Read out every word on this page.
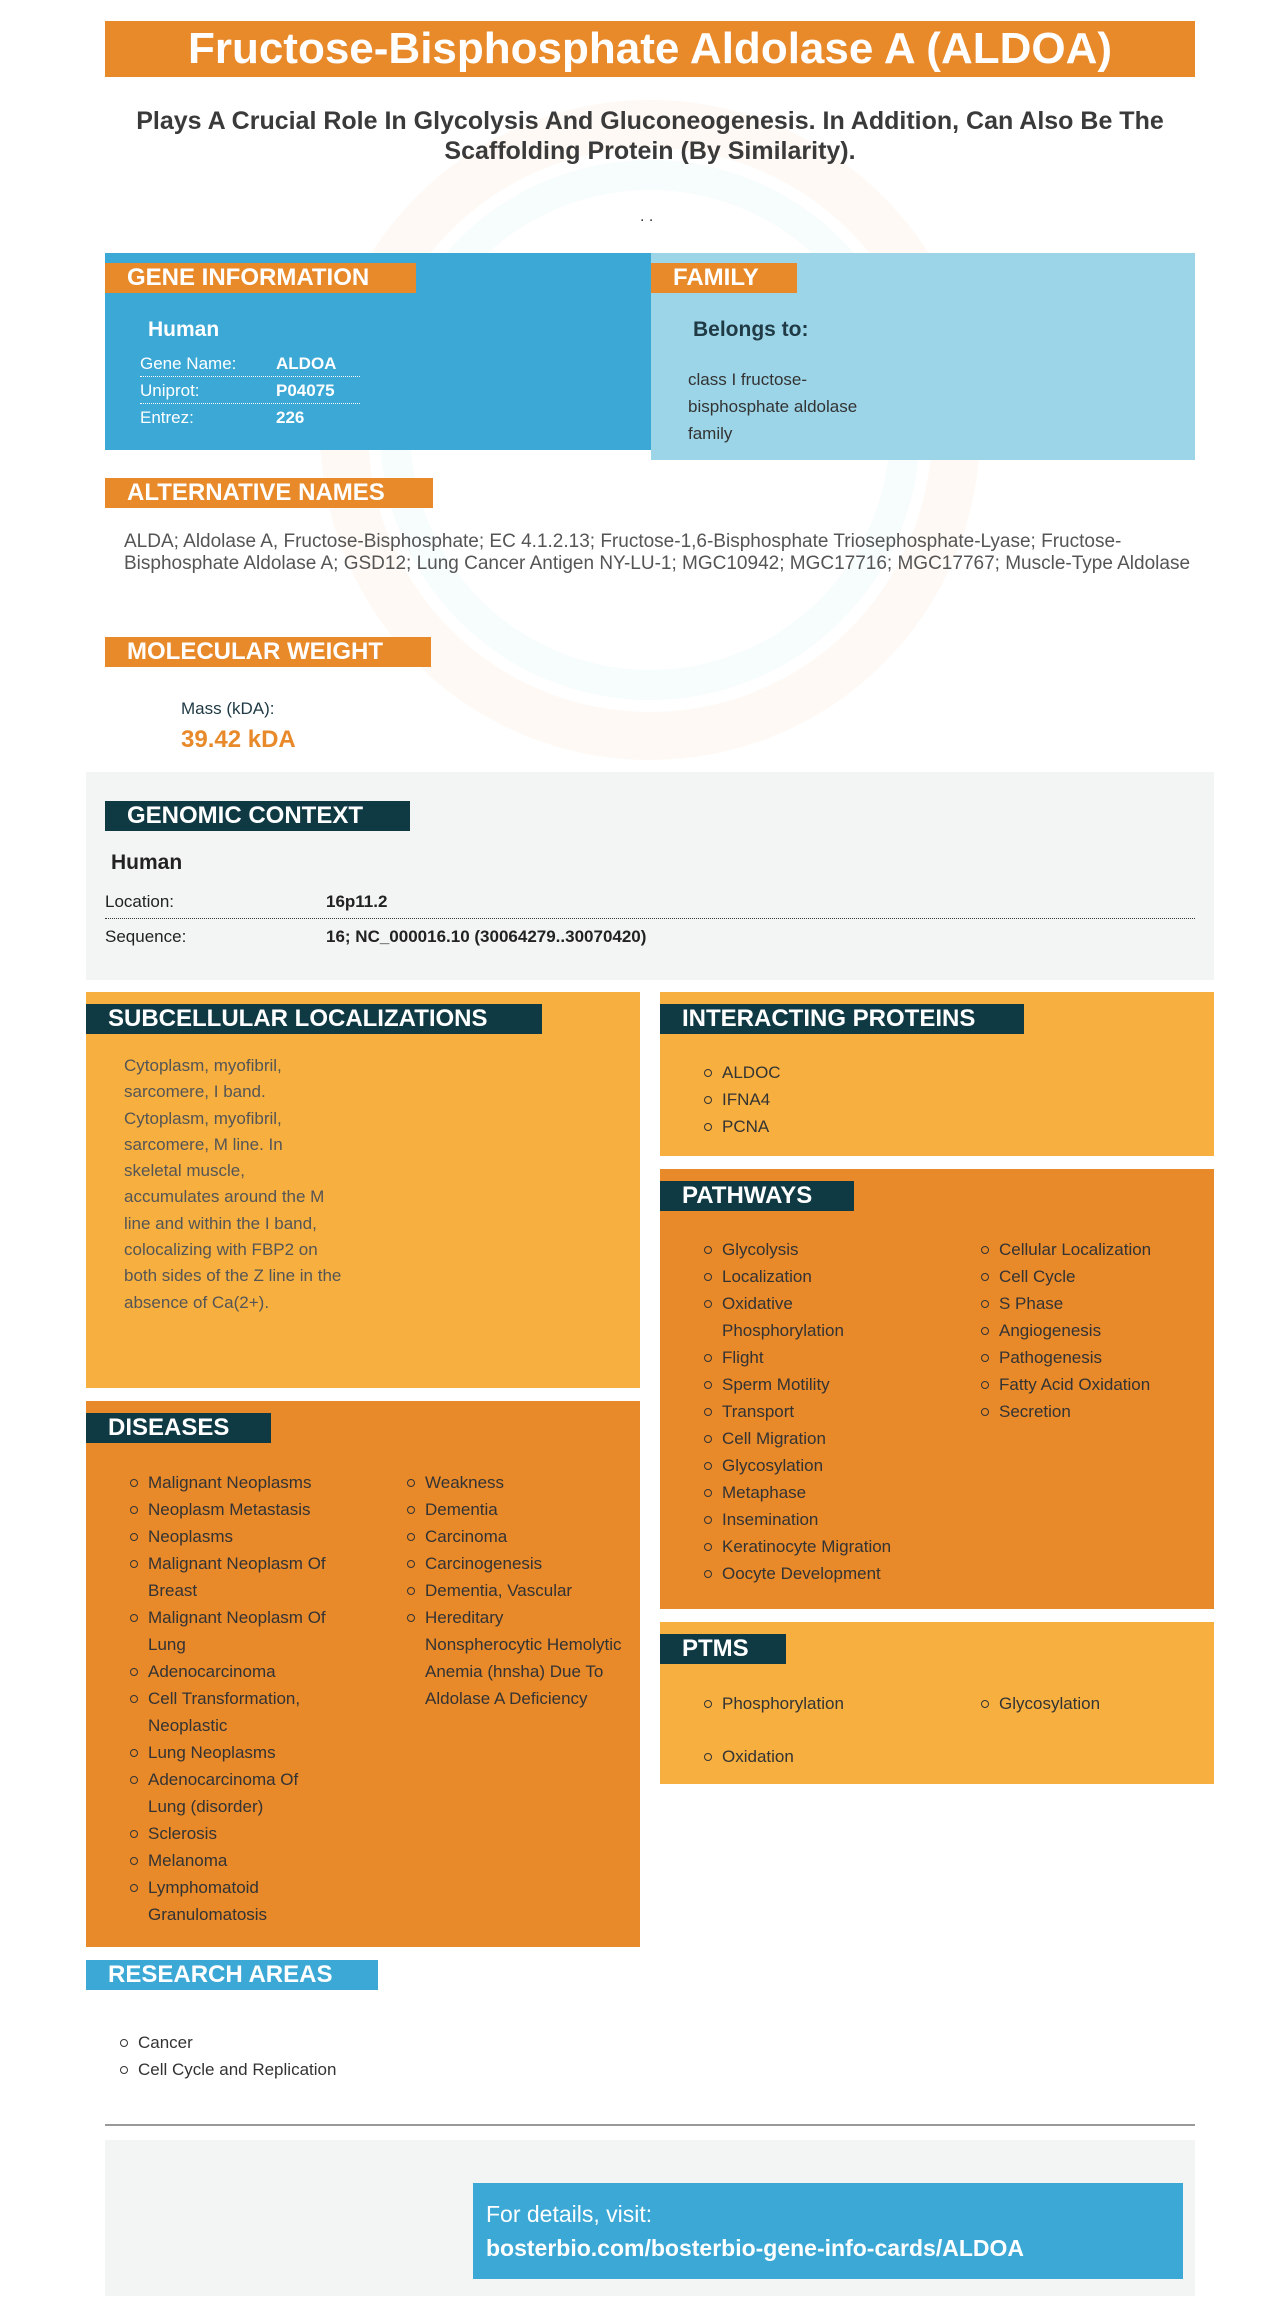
Fructose-Bisphosphate Aldolase A (ALDOA)
Plays A Crucial Role In Glycolysis And Gluconeogenesis. In Addition, Can Also Be The Scaffolding Protein (By Similarity).
. .
GENE INFORMATION
Human
Gene Name:	ALDOA
Uniprot:	P04075
Entrez:	226
FAMILY
Belongs to:
class I fructose-bisphosphate aldolase family
ALTERNATIVE NAMES
ALDA; Aldolase A, Fructose-Bisphosphate; EC 4.1.2.13; Fructose-1,6-Bisphosphate Triosephosphate-Lyase; Fructose-Bisphosphate Aldolase A; GSD12; Lung Cancer Antigen NY-LU-1; MGC10942; MGC17716; MGC17767; Muscle-Type Aldolase
MOLECULAR WEIGHT
Mass (kDA):
39.42 kDA
GENOMIC CONTEXT
Human
Location:	16p11.2
Sequence:	16; NC_000016.10 (30064279..30070420)
SUBCELLULAR LOCALIZATIONS
Cytoplasm, myofibril, sarcomere, I band. Cytoplasm, myofibril, sarcomere, M line. In skeletal muscle, accumulates around the M line and within the I band, colocalizing with FBP2 on both sides of the Z line in the absence of Ca(2+).
INTERACTING PROTEINS
ALDOC
IFNA4
PCNA
PATHWAYS
Glycolysis
Localization
Oxidative Phosphorylation
Flight
Sperm Motility
Transport
Cell Migration
Glycosylation
Metaphase
Insemination
Keratinocyte Migration
Oocyte Development
Cellular Localization
Cell Cycle
S Phase
Angiogenesis
Pathogenesis
Fatty Acid Oxidation
Secretion
PTMS
Phosphorylation
Oxidation
Glycosylation
DISEASES
Malignant Neoplasms
Neoplasm Metastasis
Neoplasms
Malignant Neoplasm Of Breast
Malignant Neoplasm Of Lung
Adenocarcinoma
Cell Transformation, Neoplastic
Lung Neoplasms
Adenocarcinoma Of Lung (disorder)
Sclerosis
Melanoma
Lymphomatoid Granulomatosis
Weakness
Dementia
Carcinoma
Carcinogenesis
Dementia, Vascular
Hereditary Nonspherocytic Hemolytic Anemia (hnsha) Due To Aldolase A Deficiency
RESEARCH AREAS
Cancer
Cell Cycle and Replication
For details, visit:
bosterbio.com/bosterbio-gene-info-cards/ALDOA
